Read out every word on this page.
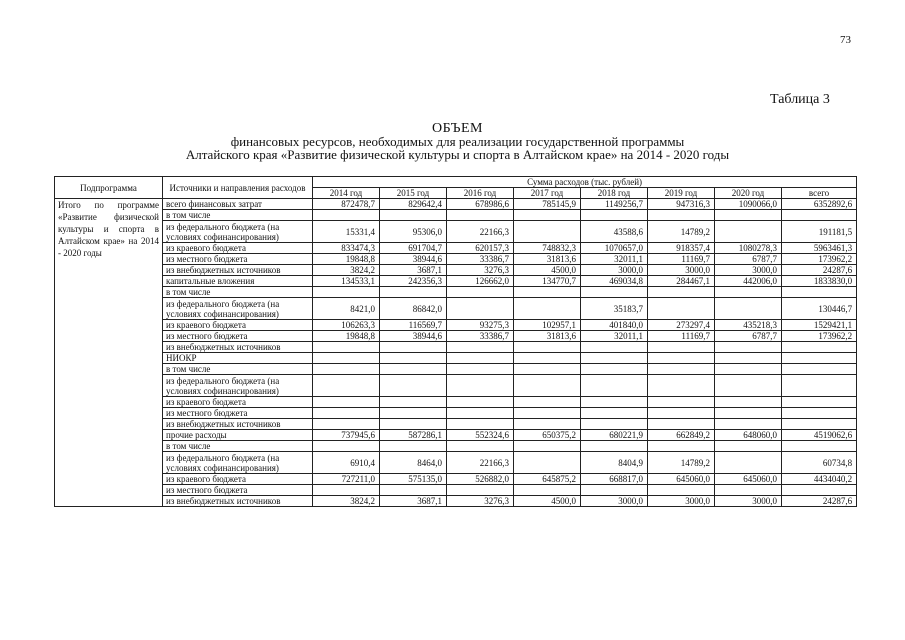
73
Таблица 3
ОБЪЕМ
финансовых ресурсов, необходимых для реализации государственной программы
Алтайского края «Развитие физической культуры и спорта в Алтайском крае» на 2014 - 2020 годы
Подпрограмма	Источники и направления расходов	Сумма расходов (тыс. рублей)							
		2014 год	2015 год	2016 год	2017 год	2018 год	2019 год	2020 год	всего
Итого по программе «Развитие физической культуры и спорта в Алтайском крае» на 2014 - 2020 годы	всего финансовых затрат	872478,7	829642,4	678986,6	785145,9	1149256,7	947316,3	1090066,0	6352892,6
	в том числе								
	из федерального бюджета (на условиях софинансирования)	15331,4	95306,0	22166,3		43588,6	14789,2		191181,5
	из краевого бюджета	833474,3	691704,7	620157,3	748832,3	1070657,0	918357,4	1080278,3	5963461,3
	из местного бюджета	19848,8	38944,6	33386,7	31813,6	32011,1	11169,7	6787,7	173962,2
	из внебюджетных источников	3824,2	3687,1	3276,3	4500,0	3000,0	3000,0	3000,0	24287,6
	капитальные вложения	134533,1	242356,3	126662,0	134770,7	469034,8	284467,1	442006,0	1833830,0
	в том числе								
	из федерального бюджета (на условиях софинансирования)	8421,0	86842,0			35183,7			130446,7
	из краевого бюджета	106263,3	116569,7	93275,3	102957,1	401840,0	273297,4	435218,3	1529421,1
	из местного бюджета	19848,8	38944,6	33386,7	31813,6	32011,1	11169,7	6787,7	173962,2
	из внебюджетных источников								
	НИОКР								
	в том числе								
	из федерального бюджета (на условиях софинансирования)								
	из краевого бюджета								
	из местного бюджета								
	из внебюджетных источников								
	прочие расходы	737945,6	587286,1	552324,6	650375,2	680221,9	662849,2	648060,0	4519062,6
	в том числе								
	из федерального бюджета (на условиях софинансирования)	6910,4	8464,0	22166,3		8404,9	14789,2		60734,8
	из краевого бюджета	727211,0	575135,0	526882,0	645875,2	668817,0	645060,0	645060,0	4434040,2
	из местного бюджета								
	из внебюджетных источников	3824,2	3687,1	3276,3	4500,0	3000,0	3000,0	3000,0	24287,6
